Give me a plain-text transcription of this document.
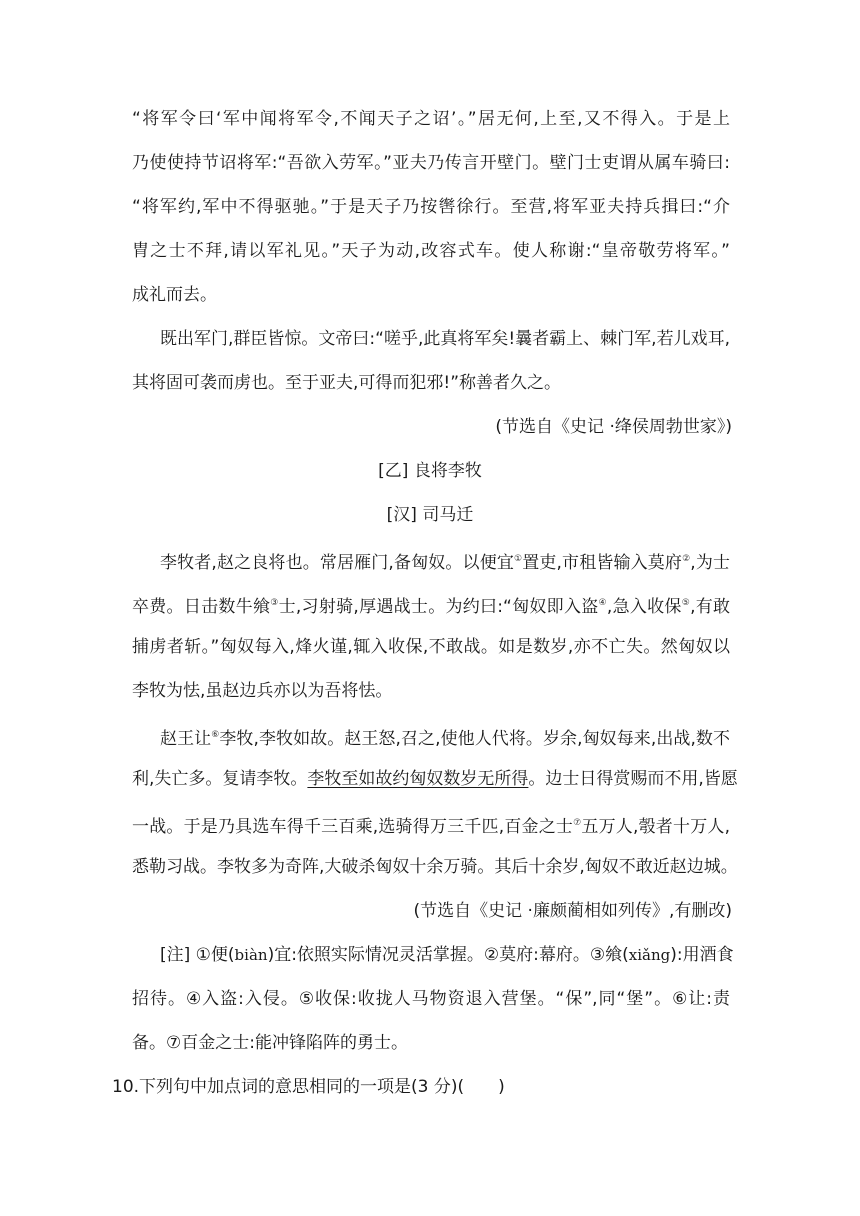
“将军令曰‘军中闻将军令,不闻天子之诏’。”居无何,上至,又不得入。于是上
乃使使持节诏将军:“吾欲入劳军。”亚夫乃传言开壁门。壁门士吏谓从属车骑曰:
“将军约,军中不得驱驰。”于是天子乃按辔徐行。至营,将军亚夫持兵揖曰:“介
胄之士不拜,请以军礼见。”天子为动,改容式车。使人称谢:“皇帝敬劳将军。”
成礼而去。
既出军门,群臣皆惊。文帝曰:“嗟乎,此真将军矣!曩者霸上、棘门军,若儿戏耳,
其将固可袭而虏也。至于亚夫,可得而犯邪!”称善者久之。
(节选自《史记 ·绛侯周勃世家》)
[乙] 良将李牧
[汉] 司马迁
李牧者,赵之良将也。常居雁门,备匈奴。以便宜①置吏,市租皆输入莫府②,为士
卒费。日击数牛飨③士,习射骑,厚遇战士。为约曰:“匈奴即入盗④,急入收保⑤,有敢
捕虏者斩。”匈奴每入,烽火谨,辄入收保,不敢战。如是数岁,亦不亡失。然匈奴以
李牧为怯,虽赵边兵亦以为吾将怯。
赵王让⑥李牧,李牧如故。赵王怒,召之,使他人代将。岁余,匈奴每来,出战,数不
利,失亡多。复请李牧。李牧至如故约匈奴数岁无所得。边士日得赏赐而不用,皆愿
一战。于是乃具选车得千三百乘,选骑得万三千匹,百金之士⑦五万人,彀者十万人,
悉勒习战。李牧多为奇阵,大破杀匈奴十余万骑。其后十余岁,匈奴不敢近赵边城。
(节选自《史记 ·廉颇蔺相如列传》,有删改)
[注] ①便(biàn)宜:依照实际情况灵活掌握。②莫府:幕府。③飨(xiǎng):用酒食
招待。④入盗:入侵。⑤收保:收拢人马物资退入营堡。“保”,同“堡”。⑥让:责
备。⑦百金之士:能冲锋陷阵的勇士。
10.下列句中加点词的意思相同的一项是(3 分)(　　)
